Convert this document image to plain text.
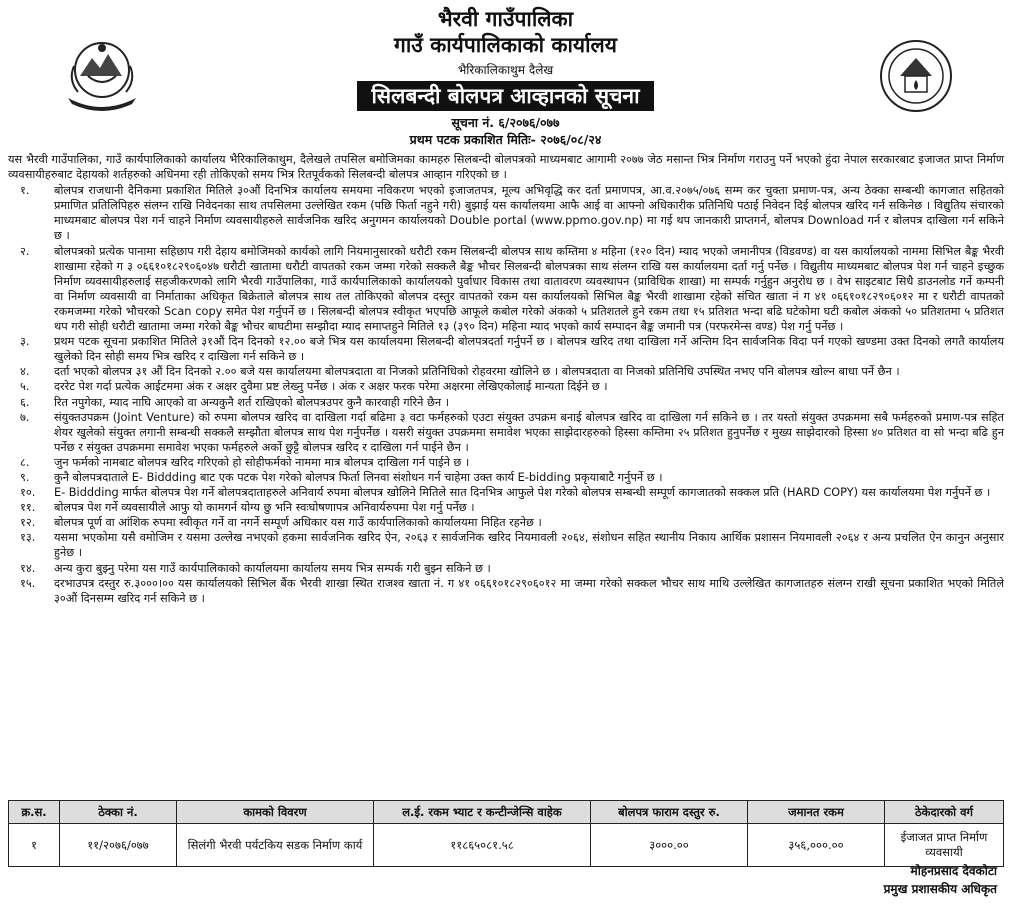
भैरवी गाउँपालिका
गाउँ कार्यपालिकाको कार्यालय
भैरिकालिकाथुम दैलेख
सिलबन्दी बोलपत्र आव्हानको सूचना
सूचना नं. ६/२०७६/०७७
प्रथम पटक प्रकाशित मितिः- २०७६/०८/२४

यस भैरवी गाउँपालिका, गाउँ कार्यपालिकाको कार्यालय भैरिकालिकाथुम, दैलेखले तपसिल बमोजिमका कामहरु सिलबन्दी बोलपत्रको माध्यमबाट आगामी २०७७ जेठ मसान्त भित्र निर्माण गराउनु पर्ने भएको हुंदा नेपाल सरकारबाट इजाजत प्राप्त निर्माण व्यवसायीहरुबाट देहायको शर्तहरुको अधिनमा रही तोकिएको समय भित्र रितपूर्वकको सिलबन्दी बोलपत्र आव्हान गरिएको छ ।

१.	बोलपत्र राजधानी दैनिकमा प्रकाशित मितिले ३०औं दिनभित्र कार्यालय समयमा नविकरण भएको इजाजतपत्र, मूल्य अभिवृद्धि कर दर्ता प्रमाणपत्र, आ.व.२०७५/०७६ सम्म कर चुक्ता प्रमाण-पत्र, अन्य ठेक्का सम्बन्धी कागजात सहितको प्रमाणित प्रतिलिपिहरु संलग्न राखि निवेदनका साथ तपसिलमा उल्लेखित रकम (पछि फिर्ता नहुने गरी) बुझाई यस कार्यालयमा आफै आई वा आफ्नो अधिकारीक प्रतिनिधि पठाई निवेदन दिई बोलपत्र खरिद गर्न सकिनेछ । विद्युतिय संचारको माध्यमबाट बोलपत्र पेश गर्न चाहने निर्माण व्यवसायीहरुले सार्वजनिक खरिद अनुगमन कार्यालयको Double portal (www.ppmo.gov.np) मा गई थप जानकारी प्राप्तगर्न, बोलपत्र Download गर्न र बोलपत्र दाखिला गर्न सकिने छ ।
२.	बोलपत्रको प्रत्येक पानामा सहिछाप गरी देहाय बमोजिमको कार्यको लागि नियमानुसारको धरौटी रकम सिलबन्दी बोलपत्र साथ कम्तिमा ४ महिना (१२० दिन) म्याद भएको जमानीपत्र (विडवण्ड) वा यस कार्यालयको नाममा सिभिल बैङ्क भैरवी शाखामा रहेको ग ३ ०६६१०१८२९०६०४७ धरौटी खातामा धरौटी वापतको रकम जम्मा गरेको सक्कलै बैङ्क भौचर सिलबन्दी बोलपत्रका साथ संलग्न राखि यस कार्यालयमा दर्ता गर्नु पर्नेछ । विद्युतीय माध्यमबाट बोलपत्र पेश गर्न चाहने इच्छुक निर्माण व्यवसायीहरुलाई सहजीकरणको लागि भैरवी गाउँपालिका, गाउँ कार्यपालिकाको कार्यालयको पुर्वाधार विकास तथा वातावरण व्यवस्थापन (प्राविधिक शाखा) मा सम्पर्क गर्नुहुन अनुरोध छ । वेभ साइटबाट सिधै डाउनलोड गर्ने कम्पनी वा निर्माण व्यवसायी वा निर्माताका अधिकृत बिक्रेताले बोलपत्र साथ तल तोकिएको बोलपत्र दस्तुर वापतको रकम यस कार्यालयको सिभिल बैङ्क भैरवी शाखामा रहेको संचित खाता नं ग ४१ ०६६१०१८२९०६०१२ मा र धरौटी वापतको रकमजम्मा गरेको भौचरको Scan copy समेत पेश गर्नुपर्ने छ । सिलबन्दी बोलपत्र स्वीकृत भएपछि आफूले कबोल गरेको अंकको ५ प्रतिशतले हुने रकम तथा १५ प्रतिशत भन्दा बढि घटेकोमा घटी कबोल अंकको ५० प्रतिशतमा ५ प्रतिशत थप गरी सोही धरौटी खातामा जम्मा गरेको बैङ्क भौचर बाघटीमा सम्झौदा म्याद समाप्तहुने मितिले १३ (३९० दिन) महिना म्याद भएको कार्य सम्पादन बैङ्क जमानी पत्र (परफरमेन्स वण्ड) पेश गर्नु पर्नेछ ।
३.	प्रथम पटक सूचना प्रकाशित मितिले ३१औं दिन दिनको १२.०० बजे भित्र यस कार्यालयमा सिलबन्दी बोलपत्रदर्ता गर्नुपर्ने छ । बोलपत्र खरिद तथा दाखिला गर्ने अन्तिम दिन सार्वजनिक विदा पर्न गएको खण्डमा उक्त दिनको लगतै कार्यालय खुलेको दिन सोही समय भित्र खरिद र दाखिला गर्न सकिने छ ।
४.	दर्ता भएको बोलपत्र ३१ औं दिन दिनको २.०० बजे यस कार्यालयमा बोलपत्रदाता वा निजको प्रतिनिधिको रोहवरमा खोलिने छ । बोलपत्रदाता वा निजको प्रतिनिधि उपस्थित नभए पनि बोलपत्र खोल्न बाधा पर्ने छैन ।
५.	दररेट पेश गर्दा प्रत्येक आईटममा अंक र अक्षर दुवैमा प्रष्ट लेख्नु पर्नेछ । अंक र अक्षर फरक परेमा अक्षरमा लेखिएकोलाई मान्यता दिईने छ ।
६.	रित नपुगेका, म्याद नाघि आएको वा अन्यकुनै शर्त राखिएको बोलपत्रउपर कुनै कारवाही गरिने छैन ।
७.	संयुक्तउपक्रम (Joint Venture) को रुपमा बोलपत्र खरिद वा दाखिला गर्दा बढिमा ३ वटा फर्महरुको एउटा संयुक्त उपक्रम बनाई बोलपत्र खरिद वा दाखिला गर्न सकिने छ । तर यस्तो संयुक्त उपक्रममा सबै फर्महरुको प्रमाण-पत्र सहित शेयर खुलेको संयुक्त लगानी सम्बन्धी सक्कलै सम्झौता बोलपत्र साथ पेश गर्नुपर्नेछ । यसरी संयुक्त उपक्रममा समावेश भएका साझेदारहरुको हिस्सा कम्तिमा २५ प्रतिशत हुनुपर्नेछ र मुख्य साझेदारको हिस्सा ४० प्रतिशत वा सो भन्दा बढि हुन पर्नेछ र संयुक्त उपक्रममा समावेश भएका फर्महरुले अर्को छुट्टै बोलपत्र खरिद र दाखिला गर्न पाईने छैन ।
८.	जुन फर्मको नामबाट बोलपत्र खरिद गरिएको हो सोहीफर्मको नाममा मात्र बोलपत्र दाखिला गर्न पाईने छ ।
९.	कुनै बोलपत्रदाताले E- Biddding बाट एक पटक पेश गरेको बोलपत्र फिर्ता लिनवा संशोधन गर्न चाहेमा उक्त कार्य E-bidding प्रकृयाबाटै गर्नुपर्ने छ ।
१०.	E- Biddding मार्फत बोलपत्र पेश गर्ने बोलपत्रदाताहरुले अनिवार्य रुपमा बोलपत्र खोलिने मितिले सात दिनभित्र आफुले पेश गरेको बोलपत्र सम्बन्धी सम्पूर्ण कागजातको सक्कल प्रति (HARD COPY) यस कार्यालयमा पेश गर्नुपर्ने छ ।
११.	बोलपत्र पेश गर्ने व्यवसायीले आफु यो कामगर्न योग्य छु भनि स्वःघोषणापत्र अनिवार्यरुपमा पेश गर्नु पर्नेछ ।
१२.	बोलपत्र पूर्ण वा आंशिक रुपमा स्वीकृत गर्ने वा नगर्ने सम्पूर्ण अधिकार यस गाउँ कार्यपालिकाको कार्यालयमा निहित रहनेछ ।
१३.	यसमा भएकोमा यसै वमोजिम र यसमा उल्लेख नभएको हकमा सार्वजनिक खरिद ऐन, २०६३ र सार्वजनिक खरिद नियमावली २०६४, संशोधन सहित स्थानीय निकाय आर्थिक प्रशासन नियमावली २०६४ र अन्य प्रचलित ऐन कानुन अनुसार हुनेछ ।
१४.	अन्य कुरा बुझ्नु परेमा यस गाउँ कार्यपालिकाको कार्यालयमा कार्यालय समय भित्र सम्पर्क गरी बुझ्न सकिने छ ।
१५.	दरभाउपत्र दस्तुर रु.३०००।०० यस कार्यालयको सिभिल बैंक भैरवी शाखा स्थित राजश्व खाता नं. ग ४१ ०६६१०१८२९०६०१२ मा जम्मा गरेको सक्कल भौचर साथ माथि उल्लेखित कागजातहरु संलग्न राखी सूचना प्रकाशित भएको मितिले ३०औं दिनसम्म खरिद गर्न सकिने छ ।
क्र.स.	ठेक्का नं.	कामको विवरण	ल.ई. रकम भ्याट र कन्टीन्जेन्सि वाहेक	बोलपत्र फाराम दस्तुर रु.	जमानत रकम	ठेकेदारको वर्ग
१	११/२०७६/०७७	सिलंगी भैरवी पर्यटकिय सडक निर्माण कार्य	११८६५०८१.५८	३०००.००	३५६,०००.००	ईजाजत प्राप्त निर्माण व्यवसायी
मोहनप्रसाद देवकोटा
प्रमुख प्रशासकीय अधिकृत
